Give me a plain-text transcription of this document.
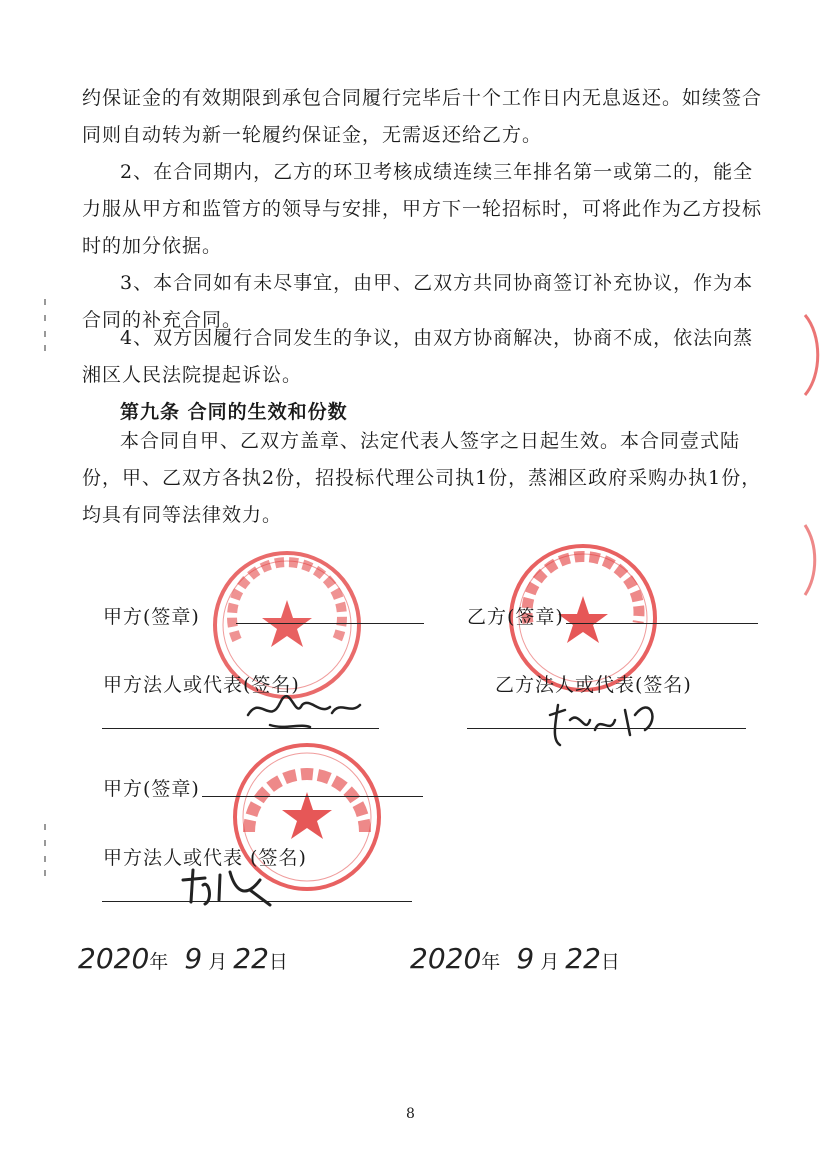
约保证金的有效期限到承包合同履行完毕后十个工作日内无息返还。如续签合同则自动转为新一轮履约保证金，无需返还给乙方。

2、在合同期内，乙方的环卫考核成绩连续三年排名第一或第二的，能全力服从甲方和监管方的领导与安排，甲方下一轮招标时，可将此作为乙方投标时的加分依据。

3、本合同如有未尽事宜，由甲、乙双方共同协商签订补充协议，作为本合同的补充合同。

4、双方因履行合同发生的争议，由双方协商解决，协商不成，依法向蒸湘区人民法院提起诉讼。

第九条 合同的生效和份数

本合同自甲、乙双方盖章、法定代表人签字之日起生效。本合同壹式陆份，甲、乙双方各执2份，招投标代理公司执1份，蒸湘区政府采购办执1份，均具有同等法律效力。

甲方(签章)	乙方(签章)
甲方法人或代表(签名)	乙方法人或代表(签名)
甲方(签章)
甲方法人或代表 (签名)
2020年 9 月 22日	2020年 9 月 22日
8
